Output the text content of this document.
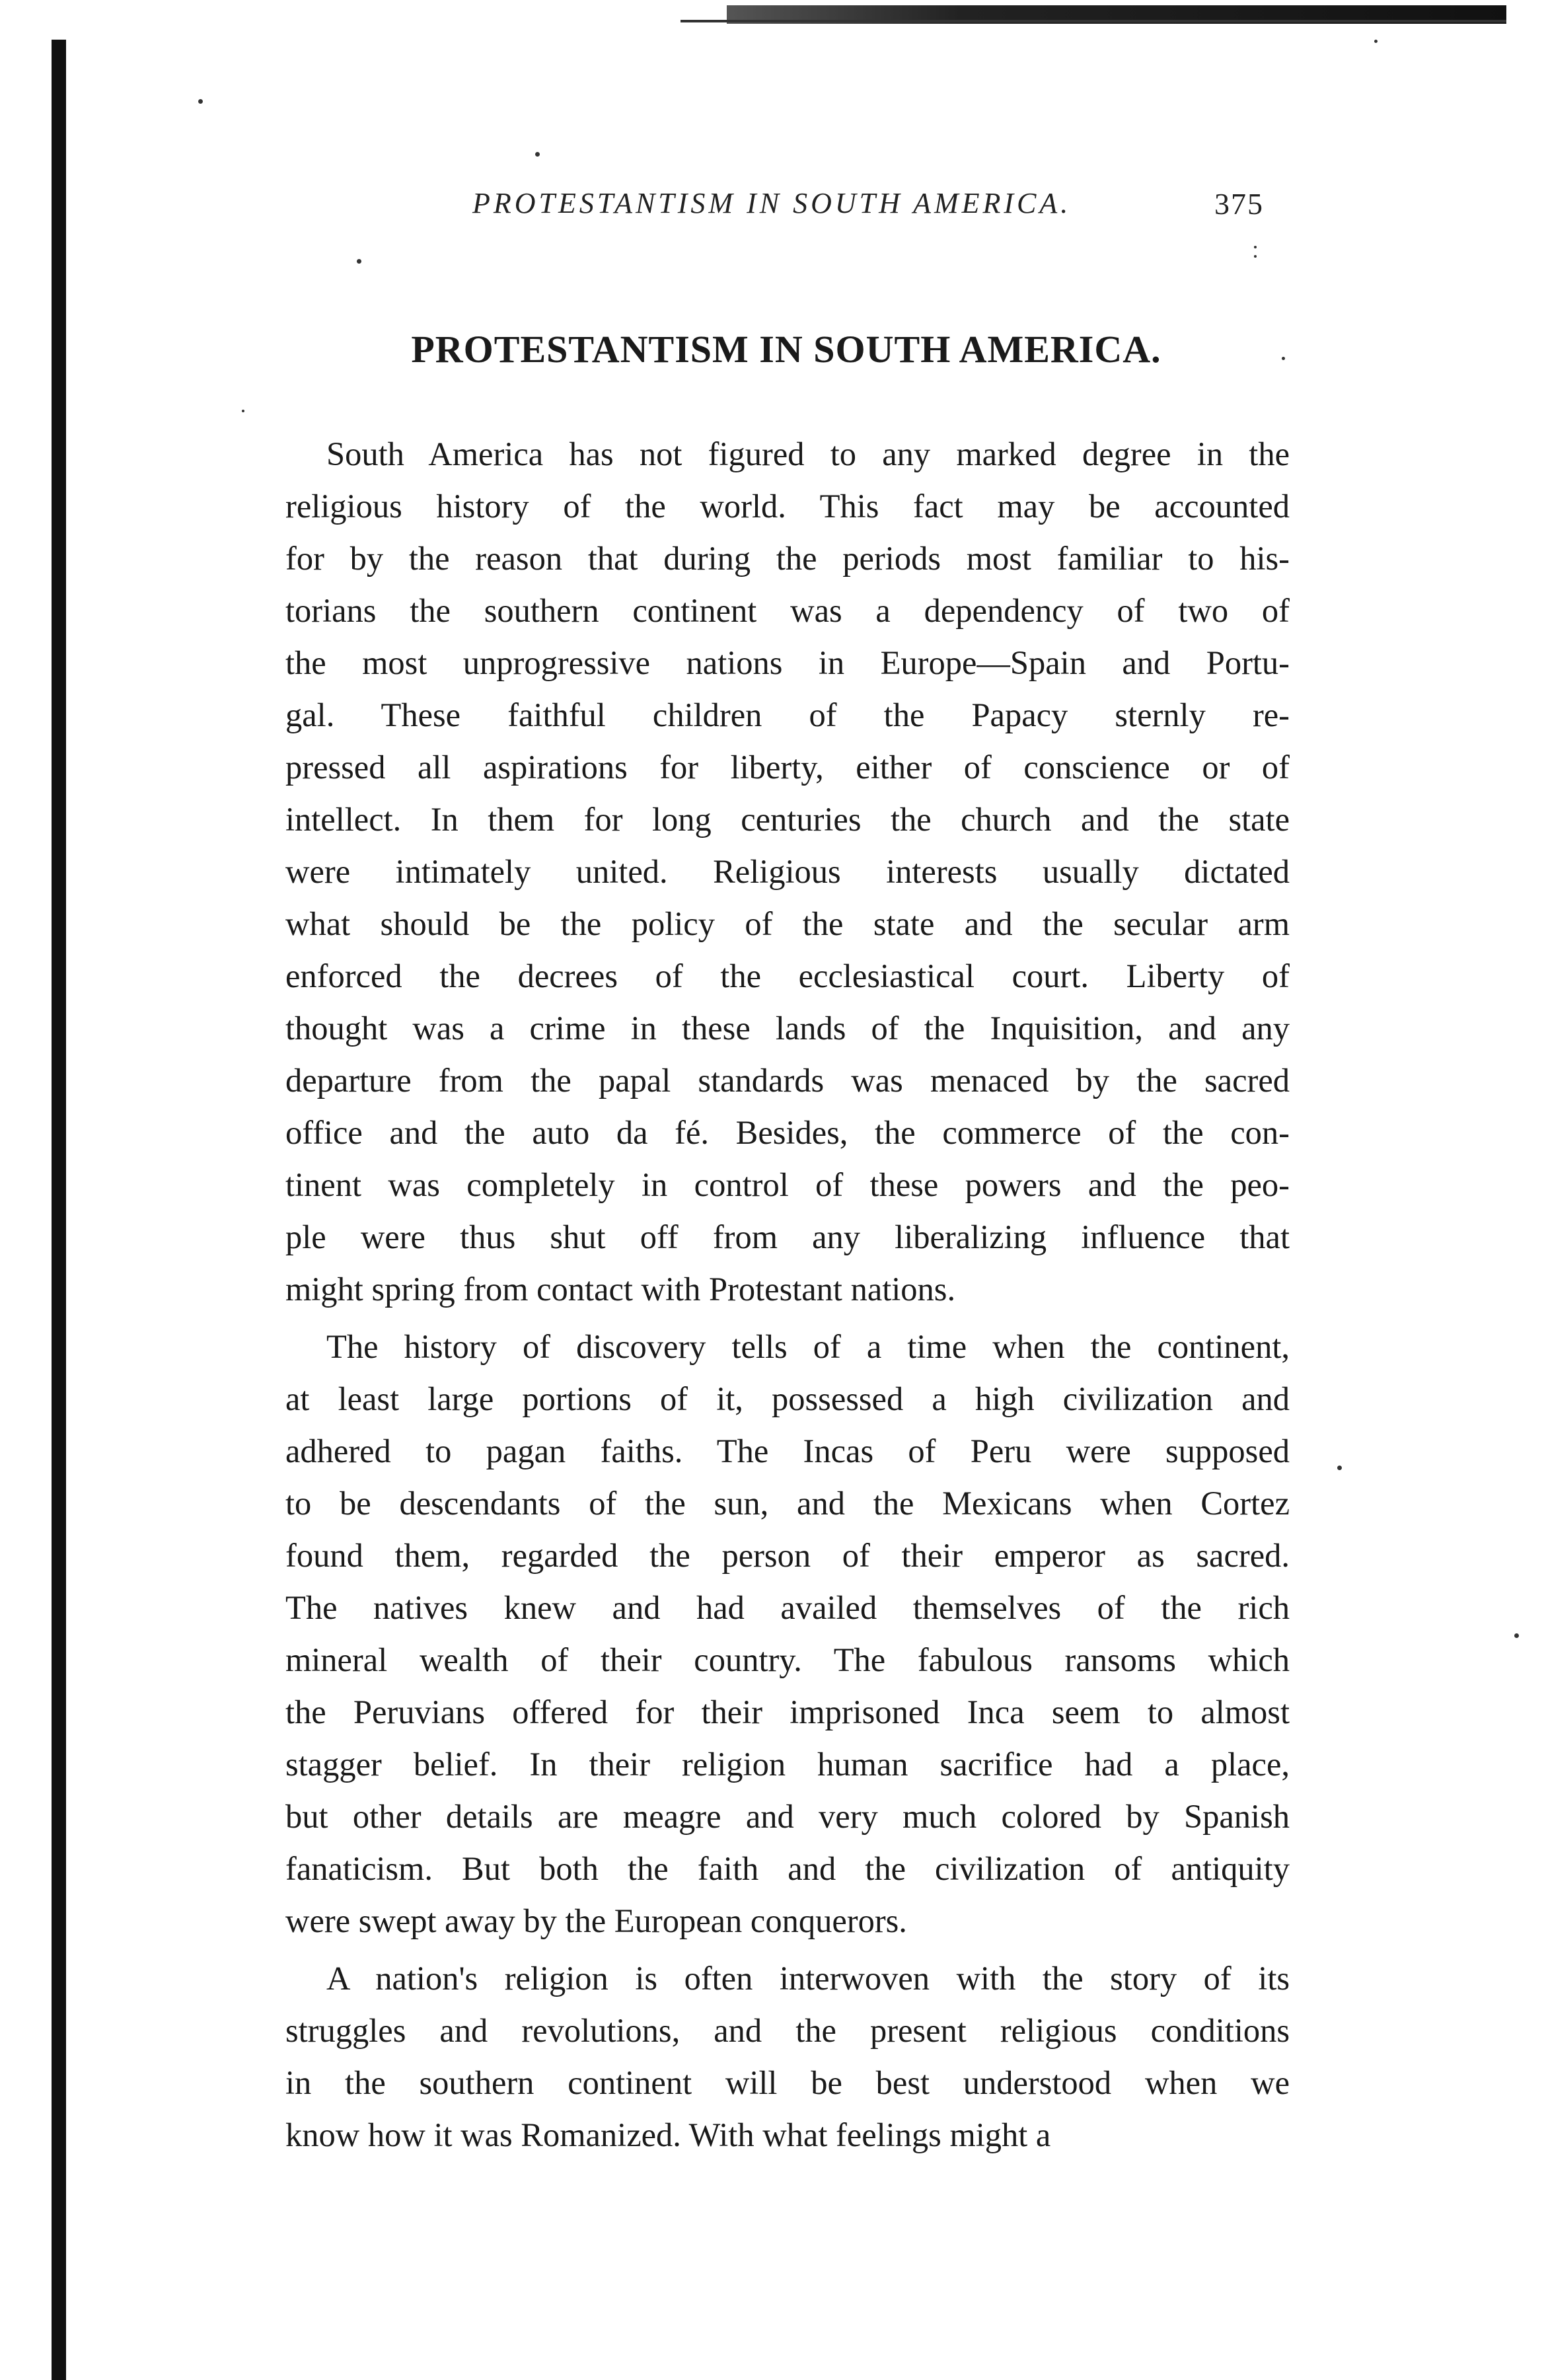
PROTESTANTISM IN SOUTH AMERICA.	375
PROTESTANTISM IN SOUTH AMERICA.
South America has not figured to any marked degree in the
religious history of the world. This fact may be accounted
for by the reason that during the periods most familiar to his-
torians the southern continent was a dependency of two of
the most unprogressive nations in Europe—Spain and Portu-
gal. These faithful children of the Papacy sternly re-
pressed all aspirations for liberty, either of conscience or of
intellect. In them for long centuries the church and the state
were intimately united. Religious interests usually dictated
what should be the policy of the state and the secular arm
enforced the decrees of the ecclesiastical court. Liberty of
thought was a crime in these lands of the Inquisition, and any
departure from the papal standards was menaced by the sacred
office and the auto da fé. Besides, the commerce of the con-
tinent was completely in control of these powers and the peo-
ple were thus shut off from any liberalizing influence that
might spring from contact with Protestant nations.
The history of discovery tells of a time when the continent,
at least large portions of it, possessed a high civilization and
adhered to pagan faiths. The Incas of Peru were supposed
to be descendants of the sun, and the Mexicans when Cortez
found them, regarded the person of their emperor as sacred.
The natives knew and had availed themselves of the rich
mineral wealth of their country. The fabulous ransoms which
the Peruvians offered for their imprisoned Inca seem to almost
stagger belief. In their religion human sacrifice had a place,
but other details are meagre and very much colored by Spanish
fanaticism. But both the faith and the civilization of antiquity
were swept away by the European conquerors.
A nation's religion is often interwoven with the story of its
struggles and revolutions, and the present religious conditions
in the southern continent will be best understood when we
know how it was Romanized. With what feelings might a
